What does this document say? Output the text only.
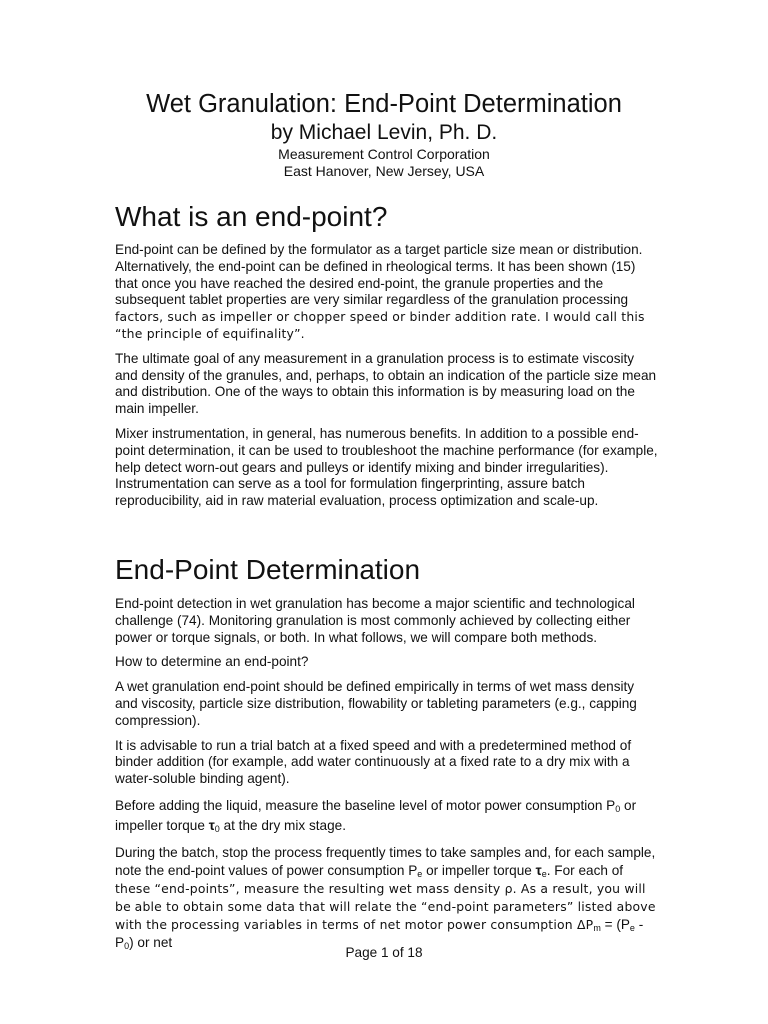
Wet Granulation: End-Point Determination
by Michael Levin, Ph. D.
Measurement Control Corporation
East Hanover, New Jersey, USA
What is an end-point?

End-point can be defined by the formulator as a target particle size mean or distribution. Alternatively, the end-point can be defined in rheological terms. It has been shown (15) that once you have reached the desired end-point, the granule properties and the subsequent tablet properties are very similar regardless of the granulation processing factors, such as impeller or chopper speed or binder addition rate. I would call this “the principle of equifinality”.

The ultimate goal of any measurement in a granulation process is to estimate viscosity and density of the granules, and, perhaps, to obtain an indication of the particle size mean and distribution. One of the ways to obtain this information is by measuring load on the main impeller.

Mixer instrumentation, in general, has numerous benefits. In addition to a possible end-point determination, it can be used to troubleshoot the machine performance (for example, help detect worn-out gears and pulleys or identify mixing and binder irregularities). Instrumentation can serve as a tool for formulation fingerprinting, assure batch reproducibility, aid in raw material evaluation, process optimization and scale-up.

End-Point Determination

End-point detection in wet granulation has become a major scientific and technological challenge (74). Monitoring granulation is most commonly achieved by collecting either power or torque signals, or both. In what follows, we will compare both methods.

How to determine an end-point?

A wet granulation end-point should be defined empirically in terms of wet mass density and viscosity, particle size distribution, flowability or tableting parameters (e.g., capping compression).

It is advisable to run a trial batch at a fixed speed and with a predetermined method of binder addition (for example, add water continuously at a fixed rate to a dry mix with a water-soluble binding agent).

Before adding the liquid, measure the baseline level of motor power consumption $P_0$ or impeller torque $\tau_0$ at the dry mix stage.

During the batch, stop the process frequently times to take samples and, for each sample, note the end-point values of power consumption $P_e$ or impeller torque $\tau_e$. For each of these “end-points”, measure the resulting wet mass density ρ. As a result, you will be able to obtain some data that will relate the “end-point parameters” listed above with the processing variables in terms of net motor power consumption $\Delta P_m = (P_e - P_0)$ or net

Page 1 of 18
